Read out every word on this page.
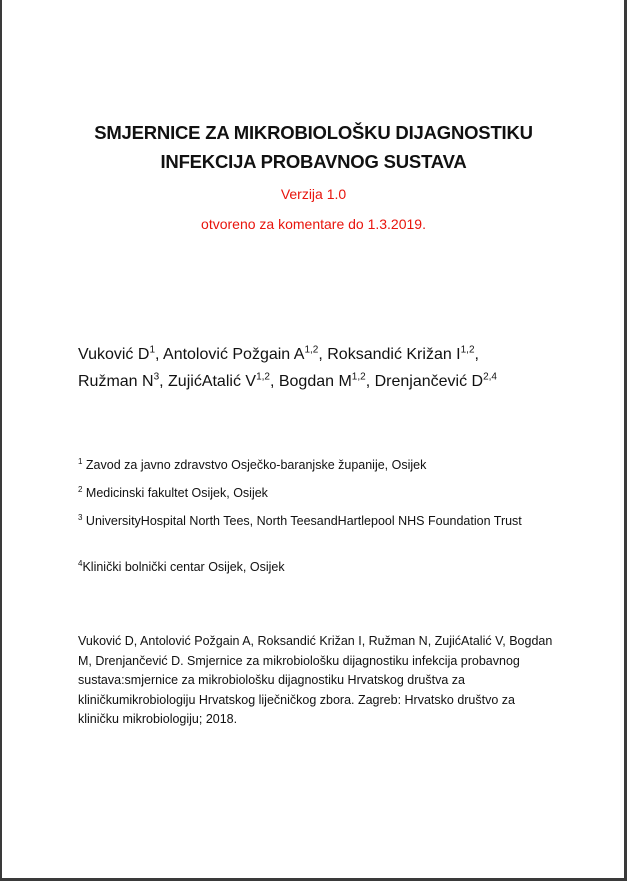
SMJERNICE ZA MIKROBIOLOŠKU DIJAGNOSTIKU
INFEKCIJA PROBAVNOG SUSTAVA
Verzija 1.0
otvoreno za komentare do 1.3.2019.
Vuković $D^1$, Antolović Požgain A$^{1,2}$, Roksandić Križan I$^{1,2}$,
Ružman $N^3$, ZujićAtalić V$^{1,2}$, Bogdan M$^{1,2}$, Drenjančević D$^{2,4}$
$^1$ Zavod za javno zdravstvo Osječko-baranjske županije, Osijek
$^2$ Medicinski fakultet Osijek, Osijek
$^3$ UniversityHospital North Tees, North TeesandHartlepool NHS Foundation Trust
$^4$Klinički bolnički centar Osijek, Osijek
Vuković D, Antolović Požgain A, Roksandić Križan I, Ružman N, ZujićAtalić V, Bogdan M, Drenjančević D. Smjernice za mikrobiološku dijagnostiku infekcija probavnog sustava:smjernice za mikrobiološku dijagnostiku Hrvatskog društva za kliničkumikrobiologiju Hrvatskog liječničkog zbora. Zagreb: Hrvatsko društvo za kliničku mikrobiologiju; 2018.
